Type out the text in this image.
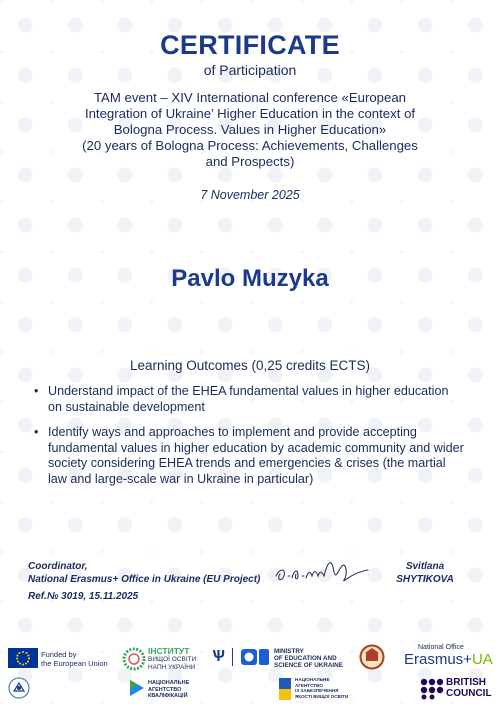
CERTIFICATE
of Participation
TAM event – XIV International conference «European
Integration of Ukraine’ Higher Education in the context of
Bologna Process. Values in Higher Education»
(20 years of Bologna Process: Achievements, Challenges
and Prospects)
7 November 2025
Pavlo Muzyka
Learning Outcomes (0,25 credits ECTS)
• Understand impact of the EHEA fundamental values in higher education on sustainable development
• Identify ways and approaches to implement and provide accepting fundamental values in higher education by academic community and wider society considering EHEA trends and emergencies & crises (the martial law and large-scale war in Ukraine in particular)
Coordinator,
National Erasmus+ Office in Ukraine (EU Project)
Ref.№ 3019, 15.11.2025
Svitlana
SHYTIKOVA
Funded by
the European Union
ІНСТИТУТ
ВИЩОЇ ОСВІТИ
НАПН УКРАЇНИ
Ѱ	MINISTRY
OF EDUCATION AND
SCIENCE OF UKRAINE
National Office
Erasmus+UA
НАЦІОНАЛЬНЕ
АГЕНТСТВО
КВАЛІФІКАЦІЙ
НАЦІОНАЛЬНЕ
АГЕНТСТВО
ІЗ ЗАБЕЗПЕЧЕННЯ
ЯКОСТІ ВИЩОЇ ОСВІТИ
BRITISH
COUNCIL
